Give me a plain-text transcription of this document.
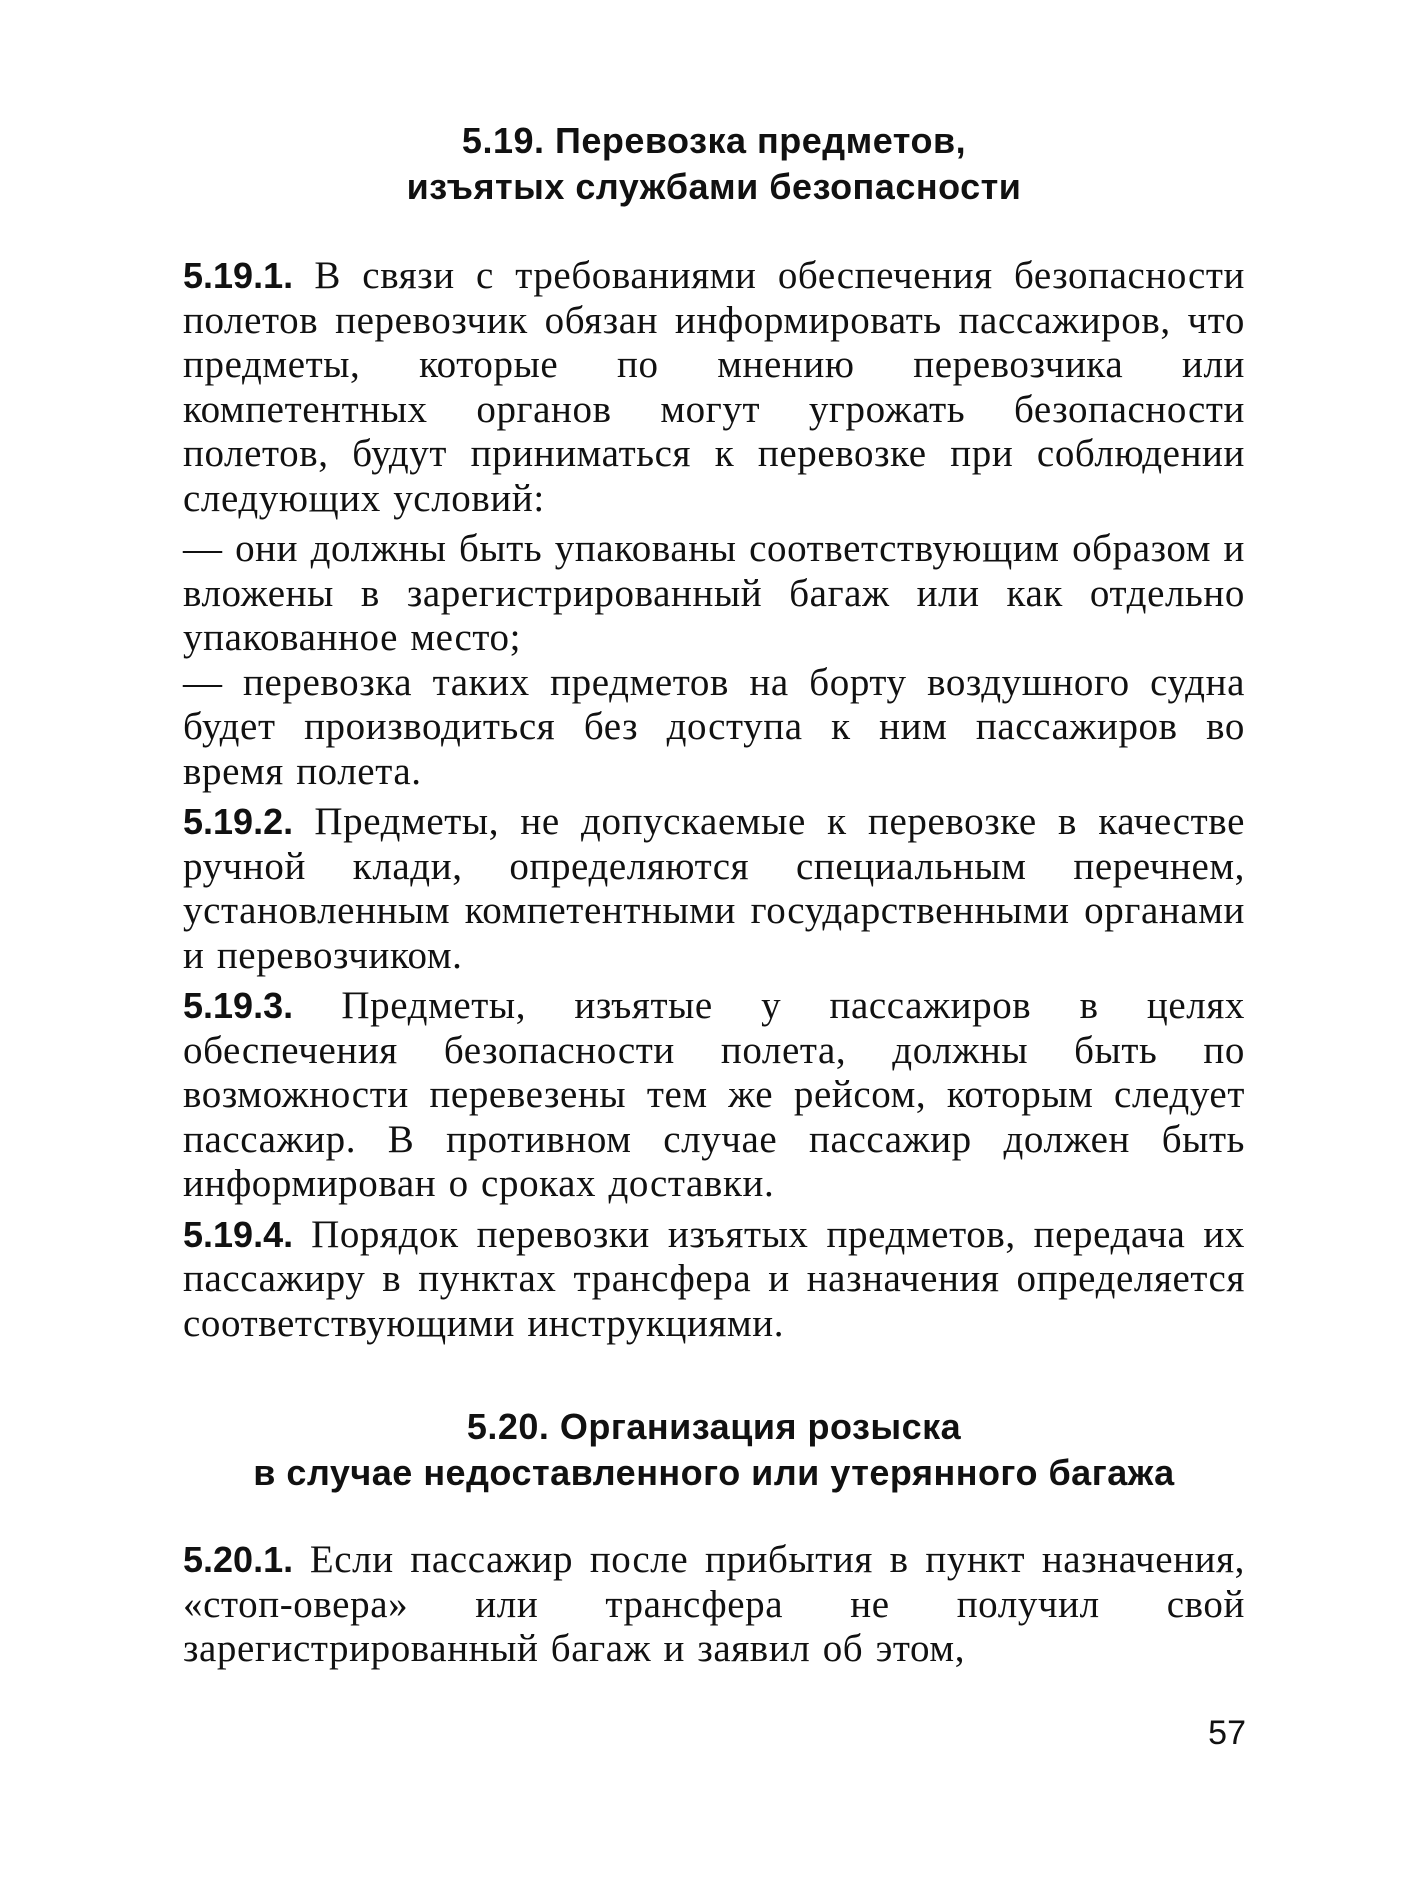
5.19. Перевозка предметов,
изъятых службами безопасности

5.19.1. В связи с требованиями обеспечения безопасности полетов перевозчик обязан информировать пассажиров, что предметы, которые по мнению перевозчика или компетентных органов могут угрожать безопасности полетов, будут приниматься к перевозке при соблюдении следующих условий:

— они должны быть упакованы соответствующим образом и вложены в зарегистрированный багаж или как отдельно упакованное место;

— перевозка таких предметов на борту воздушного судна будет производиться без доступа к ним пассажиров во время полета.

5.19.2. Предметы, не допускаемые к перевозке в качестве ручной клади, определяются специальным перечнем, установленным компетентными государственными органами и перевозчиком.

5.19.3. Предметы, изъятые у пассажиров в целях обеспечения безопасности полета, должны быть по возможности перевезены тем же рейсом, которым следует пассажир. В противном случае пассажир должен быть информирован о сроках доставки.

5.19.4. Порядок перевозки изъятых предметов, передача их пассажиру в пунктах трансфера и назначения определяется соответствующими инструкциями.

5.20. Организация розыска
в случае недоставленного или утерянного багажа

5.20.1. Если пассажир после прибытия в пункт назначения, «стоп-овера» или трансфера не получил свой зарегистрированный багаж и заявил об этом,

57
